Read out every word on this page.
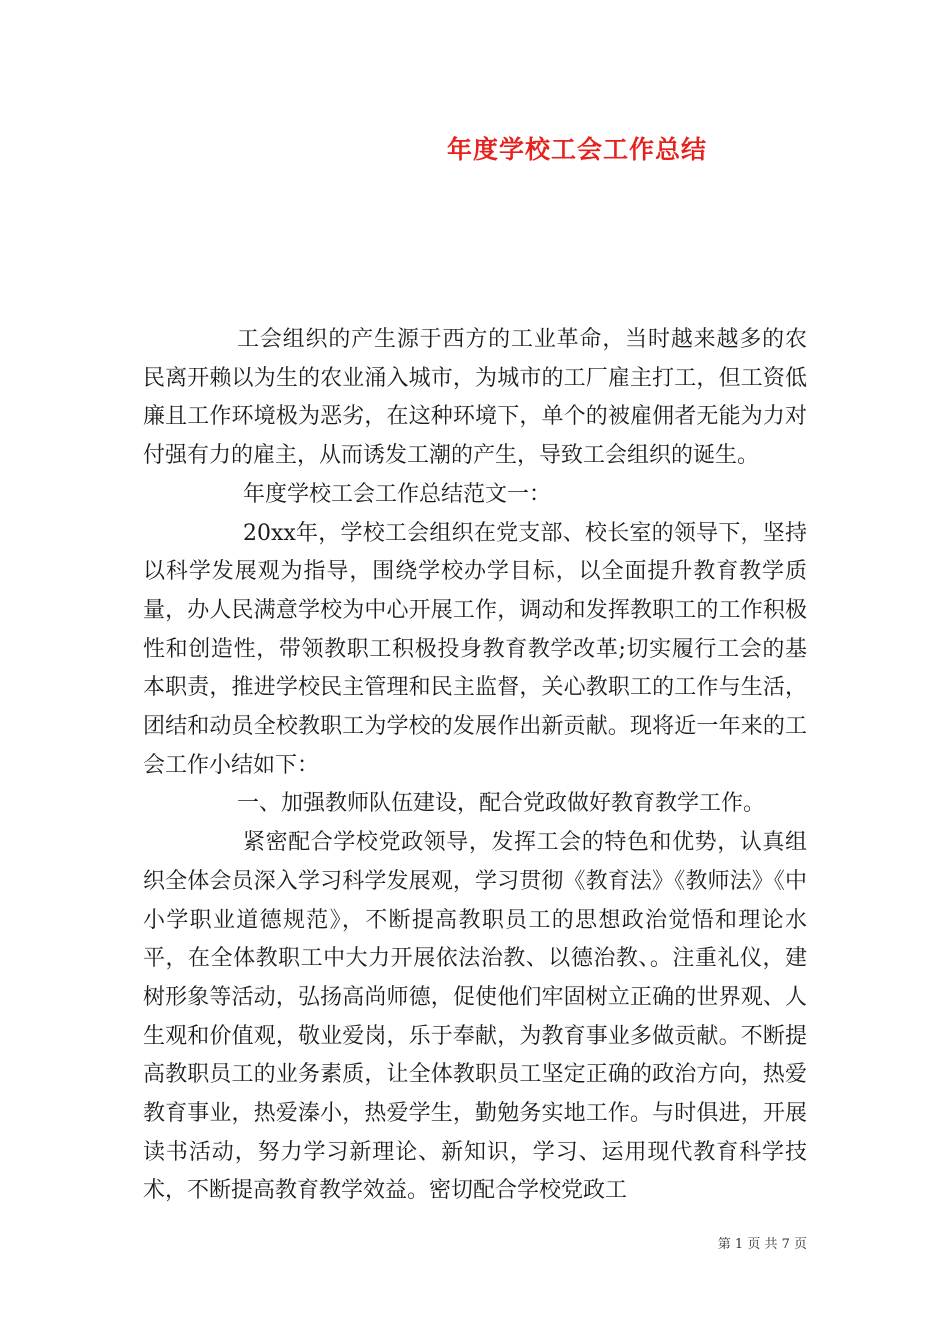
年度学校工会工作总结

工会组织的产生源于西方的工业革命，当时越来越多的农民离开赖以为生的农业涌入城市，为城市的工厂雇主打工，但工资低廉且工作环境极为恶劣，在这种环境下，单个的被雇佣者无能为力对付强有力的雇主，从而诱发工潮的产生，导致工会组织的诞生。

年度学校工会工作总结范文一：

20xx年，学校工会组织在党支部、校长室的领导下，坚持以科学发展观为指导，围绕学校办学目标，以全面提升教育教学质量，办人民满意学校为中心开展工作，调动和发挥教职工的工作积极性和创造性，带领教职工积极投身教育教学改革;切实履行工会的基本职责，推进学校民主管理和民主监督，关心教职工的工作与生活，团结和动员全校教职工为学校的发展作出新贡献。现将近一年来的工会工作小结如下：

一、加强教师队伍建设，配合党政做好教育教学工作。

紧密配合学校党政领导，发挥工会的特色和优势，认真组织全体会员深入学习科学发展观，学习贯彻《教育法》《教师法》《中小学职业道德规范》，不断提高教职员工的思想政治觉悟和理论水平，在全体教职工中大力开展依法治教、以德治教、。注重礼仪，建树形象等活动，弘扬高尚师德，促使他们牢固树立正确的世界观、人生观和价值观，敬业爱岗，乐于奉献，为教育事业多做贡献。不断提高教职员工的业务素质，让全体教职员工坚定正确的政治方向，热爱教育事业，热爱溱小，热爱学生，勤勉务实地工作。与时俱进，开展读书活动，努力学习新理论、新知识，学习、运用现代教育科学技术，不断提高教育教学效益。密切配合学校党政工

第 1 页 共 7 页
